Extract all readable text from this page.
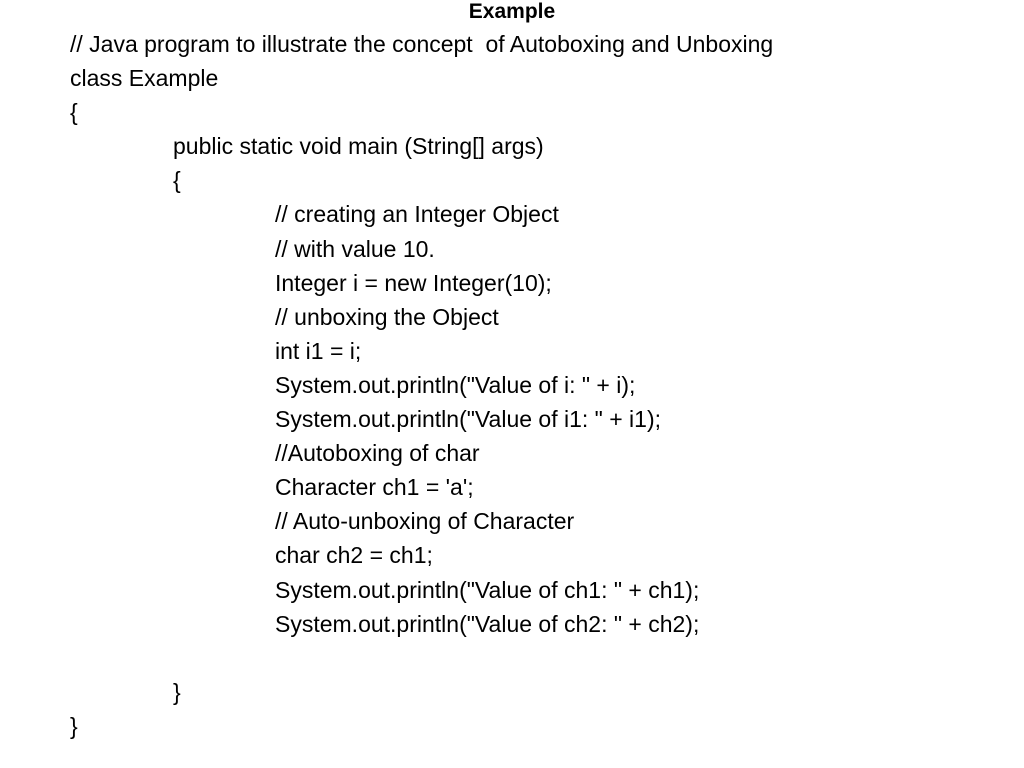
Example
// Java program to illustrate the concept  of Autoboxing and Unboxing
class Example
{
public static void main (String[] args)
{
// creating an Integer Object
// with value 10.
Integer i = new Integer(10);
// unboxing the Object
int i1 = i;
System.out.println("Value of i: " + i);
System.out.println("Value of i1: " + i1);
//Autoboxing of char
Character ch1 = 'a';
// Auto-unboxing of Character
char ch2 = ch1;
System.out.println("Value of ch1: " + ch1);
System.out.println("Value of ch2: " + ch2);
}
}
